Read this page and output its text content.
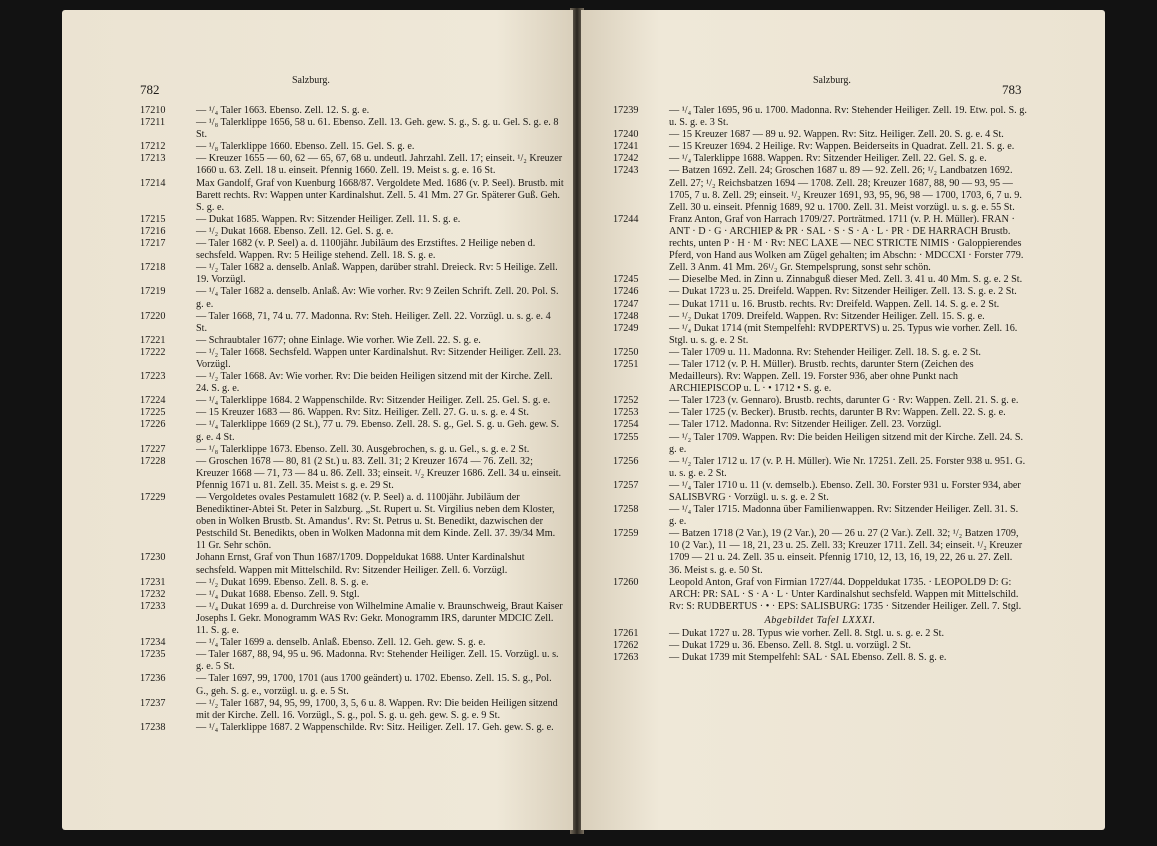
782
Salzburg.
17210	— ¹/₄ Taler 1663. Ebenso. Zell. 12. S. g. e.
17211	— ¹/₈ Talerklippe 1656, 58 u. 61. Ebenso. Zell. 13. Geh. gew. S. g., S. g. u. Gel. S. g. e. 8 St.
17212	— ¹/₈ Talerklippe 1660. Ebenso. Zell. 15. Gel. S. g. e.
17213	— Kreuzer 1655 — 60, 62 — 65, 67, 68 u. undeutl. Jahrzahl. Zell. 17; einseit. ¹/₂ Kreuzer 1660 u. 63. Zell. 18 u. einseit. Pfennig 1660. Zell. 19. Meist s. g. e. 16 St.
17214	Max Gandolf, Graf von Kuenburg 1668/87. Vergoldete Med. 1686 (v. P. Seel). Brustb. mit Barett rechts. Rv: Wappen unter Kardinalshut. Zell. 5. 41 Mm. 27 Gr. Späterer Guß. Geh. S. g. e.
17215	— Dukat 1685. Wappen. Rv: Sitzender Heiliger. Zell. 11. S. g. e.
17216	— ¹/₂ Dukat 1668. Ebenso. Zell. 12. Gel. S. g. e.
17217	— Taler 1682 (v. P. Seel) a. d. 1100jähr. Jubiläum des Erzstiftes. 2 Heilige neben d. sechsfeld. Wappen. Rv: 5 Heilige stehend. Zell. 18. S. g. e.
17218	— ¹/₂ Taler 1682 a. denselb. Anlaß. Wappen, darüber strahl. Dreieck. Rv: 5 Heilige. Zell. 19. Vorzügl.
17219	— ¹/₄ Taler 1682 a. denselb. Anlaß. Av: Wie vorher. Rv: 9 Zeilen Schrift. Zell. 20. Pol. S. g. e.
17220	— Taler 1668, 71, 74 u. 77. Madonna. Rv: Steh. Heiliger. Zell. 22. Vorzügl. u. s. g. e. 4 St.
17221	— Schraubtaler 1677; ohne Einlage. Wie vorher. Wie Zell. 22. S. g. e.
17222	— ¹/₂ Taler 1668. Sechsfeld. Wappen unter Kardinalshut. Rv: Sitzender Heiliger. Zell. 23. Vorzügl.
17223	— ¹/₂ Taler 1668. Av: Wie vorher. Rv: Die beiden Heiligen sitzend mit der Kirche. Zell. 24. S. g. e.
17224	— ¹/₄ Talerklippe 1684. 2 Wappenschilde. Rv: Sitzender Heiliger. Zell. 25. Gel. S. g. e.
17225	— 15 Kreuzer 1683 — 86. Wappen. Rv: Sitz. Heiliger. Zell. 27. G. u. s. g. e. 4 St.
17226	— ¹/₄ Talerklippe 1669 (2 St.), 77 u. 79. Ebenso. Zell. 28. S. g., Gel. S. g. u. Geh. gew. S. g. e. 4 St.
17227	— ¹/₈ Talerklippe 1673. Ebenso. Zell. 30. Ausgebrochen, s. g. u. Gel., s. g. e. 2 St.
17228	— Groschen 1678 — 80, 81 (2 St.) u. 83. Zell. 31; 2 Kreuzer 1674 — 76. Zell. 32; Kreuzer 1668 — 71, 73 — 84 u. 86. Zell. 33; einseit. ¹/₂ Kreuzer 1686. Zell. 34 u. einseit. Pfennig 1671 u. 81. Zell. 35. Meist s. g. e. 29 St.
17229	— Vergoldetes ovales Pestamulett 1682 (v. P. Seel) a. d. 1100jähr. Jubiläum der Benediktiner-Abtei St. Peter in Salzburg. „St. Rupert u. St. Virgilius neben dem Kloster, oben in Wolken Brustb. St. Amandus‘. Rv: St. Petrus u. St. Benedikt, dazwischen der Pestschild St. Benedikts, oben in Wolken Madonna mit dem Kinde. Zell. 37. 39/34 Mm. 11 Gr. Sehr schön.
17230	Johann Ernst, Graf von Thun 1687/1709. Doppeldukat 1688. Unter Kardinalshut sechsfeld. Wappen mit Mittelschild. Rv: Sitzender Heiliger. Zell. 6. Vorzügl.
17231	— ¹/₂ Dukat 1699. Ebenso. Zell. 8. S. g. e.
17232	— ¹/₄ Dukat 1688. Ebenso. Zell. 9. Stgl.
17233	— ¹/₄ Dukat 1699 a. d. Durchreise von Wilhelmine Amalie v. Braunschweig, Braut Kaiser Josephs I. Gekr. Monogramm WAS Rv: Gekr. Monogramm IRS, darunter MDCIC Zell. 11. S. g. e.
17234	— ¹/₄ Taler 1699 a. denselb. Anlaß. Ebenso. Zell. 12. Geh. gew. S. g. e.
17235	— Taler 1687, 88, 94, 95 u. 96. Madonna. Rv: Stehender Heiliger. Zell. 15. Vorzügl. u. s. g. e. 5 St.
17236	— Taler 1697, 99, 1700, 1701 (aus 1700 geändert) u. 1702. Ebenso. Zell. 15. S. g., Pol. G., geh. S. g. e., vorzügl. u. g. e. 5 St.
17237	— ¹/₂ Taler 1687, 94, 95, 99, 1700, 3, 5, 6 u. 8. Wappen. Rv: Die beiden Heiligen sitzend mit der Kirche. Zell. 16. Vorzügl., S. g., pol. S. g. u. geh. gew. S. g. e. 9 St.
17238	— ¹/₄ Talerklippe 1687. 2 Wappenschilde. Rv: Sitz. Heiliger. Zell. 17. Geh. gew. S. g. e.
Salzburg.
783
17239	— ¹/₄ Taler 1695, 96 u. 1700. Madonna. Rv: Stehender Heiliger. Zell. 19. Etw. pol. S. g. u. S. g. e. 3 St.
17240	— 15 Kreuzer 1687 — 89 u. 92. Wappen. Rv: Sitz. Heiliger. Zell. 20. S. g. e. 4 St.
17241	— 15 Kreuzer 1694. 2 Heilige. Rv: Wappen. Beiderseits in Quadrat. Zell. 21. S. g. e.
17242	— ¹/₄ Talerklippe 1688. Wappen. Rv: Sitzender Heiliger. Zell. 22. Gel. S. g. e.
17243	— Batzen 1692. Zell. 24; Groschen 1687 u. 89 — 92. Zell. 26; ¹/₂ Landbatzen 1692. Zell. 27; ¹/₂ Reichsbatzen 1694 — 1708. Zell. 28; Kreuzer 1687, 88, 90 — 93, 95 — 1705, 7 u. 8. Zell. 29; einseit. ¹/₂ Kreuzer 1691, 93, 95, 96, 98 — 1700, 1703, 6, 7 u. 9. Zell. 30 u. einseit. Pfennig 1689, 92 u. 1700. Zell. 31. Meist vorzügl. u. s. g. e. 55 St.
17244	Franz Anton, Graf von Harrach 1709/27. Porträtmed. 1711 (v. P. H. Müller). FRAN · ANT · D · G · ARCHIEP & PR · SAL · S · S · A · L · PR · DE HARRACH Brustb. rechts, unten P · H · M · Rv: NEC LAXE — NEC STRICTE NIMIS · Galoppierendes Pferd, von Hand aus Wolken am Zügel gehalten; im Abschn: · MDCCXI · Forster 779. Zell. 3 Anm. 41 Mm. 26¹/₂ Gr. Stempelsprung, sonst sehr schön.
17245	— Dieselbe Med. in Zinn u. Zinnabguß dieser Med. Zell. 3. 41 u. 40 Mm. S. g. e. 2 St.
17246	— Dukat 1723 u. 25. Dreifeld. Wappen. Rv: Sitzender Heiliger. Zell. 13. S. g. e. 2 St.
17247	— Dukat 1711 u. 16. Brustb. rechts. Rv: Dreifeld. Wappen. Zell. 14. S. g. e. 2 St.
17248	— ¹/₂ Dukat 1709. Dreifeld. Wappen. Rv: Sitzender Heiliger. Zell. 15. S. g. e.
17249	— ¹/₄ Dukat 1714 (mit Stempelfehl: RVDPERTVS) u. 25. Typus wie vorher. Zell. 16. Stgl. u. s. g. e. 2 St.
17250	— Taler 1709 u. 11. Madonna. Rv: Stehender Heiliger. Zell. 18. S. g. e. 2 St.
17251	— Taler 1712 (v. P. H. Müller). Brustb. rechts, darunter Stern (Zeichen des Medailleurs). Rv: Wappen. Zell. 19. Forster 936, aber ohne Punkt nach ARCHIEPISCOP u. L · • 1712 • S. g. e.
17252	— Taler 1723 (v. Gennaro). Brustb. rechts, darunter G · Rv: Wappen. Zell. 21. S. g. e.
17253	— Taler 1725 (v. Becker). Brustb. rechts, darunter B Rv: Wappen. Zell. 22. S. g. e.
17254	— Taler 1712. Madonna. Rv: Sitzender Heiliger. Zell. 23. Vorzügl.
17255	— ¹/₂ Taler 1709. Wappen. Rv: Die beiden Heiligen sitzend mit der Kirche. Zell. 24. S. g. e.
17256	— ¹/₂ Taler 1712 u. 17 (v. P. H. Müller). Wie Nr. 17251. Zell. 25. Forster 938 u. 951. G. u. s. g. e. 2 St.
17257	— ¹/₄ Taler 1710 u. 11 (v. demselb.). Ebenso. Zell. 30. Forster 931 u. Forster 934, aber SALISBVRG · Vorzügl. u. s. g. e. 2 St.
17258	— ¹/₄ Taler 1715. Madonna über Familienwappen. Rv: Sitzender Heiliger. Zell. 31. S. g. e.
17259	— Batzen 1718 (2 Var.), 19 (2 Var.), 20 — 26 u. 27 (2 Var.). Zell. 32; ¹/₂ Batzen 1709, 10 (2 Var.), 11 — 18, 21, 23 u. 25. Zell. 33; Kreuzer 1711. Zell. 34; einseit. ¹/₂ Kreuzer 1709 — 21 u. 24. Zell. 35 u. einseit. Pfennig 1710, 12, 13, 16, 19, 22, 26 u. 27. Zell. 36. Meist s. g. e. 50 St.
17260	Leopold Anton, Graf von Firmian 1727/44. Doppeldukat 1735. · LEOPOLD9 D: G: ARCH: PR: SAL · S · A · L · Unter Kardinalshut sechsfeld. Wappen mit Mittelschild. Rv: S: RUDBERTUS · • · EPS: SALISBURG: 1735 · Sitzender Heiliger. Zell. 7. Stgl.
Abgebildet Tafel LXXXI.
17261	— Dukat 1727 u. 28. Typus wie vorher. Zell. 8. Stgl. u. s. g. e. 2 St.
17262	— Dukat 1729 u. 36. Ebenso. Zell. 8. Stgl. u. vorzügl. 2 St.
17263	— Dukat 1739 mit Stempelfehl: SAL · SAL Ebenso. Zell. 8. S. g. e.
